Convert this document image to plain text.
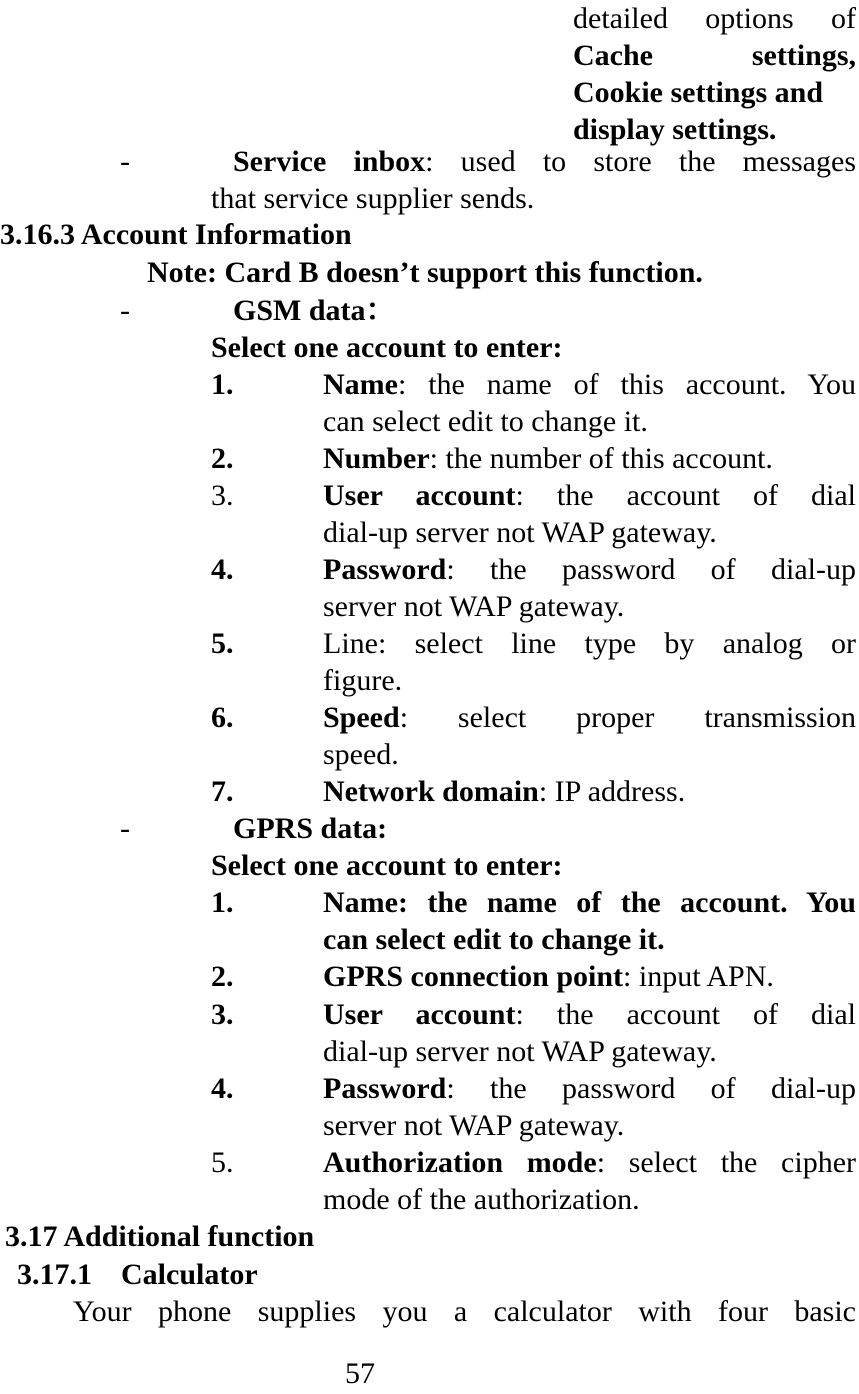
detailed options of
Cache	settings,
Cookie settings and
display settings.
-	Service inbox: used to store the messages
that service supplier sends.
3.16.3 Account Information
Note: Card B doesn’t support this function.
-	GSM data：
Select one account to enter:
1.	Name: the name of this account. You
can select edit to change it.
2.	Number: the number of this account.
3.	User account: the account of dial
dial-up server not WAP gateway.
4.	Password: the password of dial-up
server not WAP gateway.
5.	Line: select line type by analog or
figure.
6.	Speed: select proper transmission
speed.
7.	Network domain: IP address.
-	GPRS data:
Select one account to enter:
1.	Name: the name of the account. You
can select edit to change it.
2.	GPRS connection point: input APN.
3.	User account: the account of dial
dial-up server not WAP gateway.
4.	Password: the password of dial-up
server not WAP gateway.
5.	Authorization mode: select the cipher
mode of the authorization.
3.17 Additional function
3.17.1 Calculator
Your phone supplies you a calculator with four basic
57
